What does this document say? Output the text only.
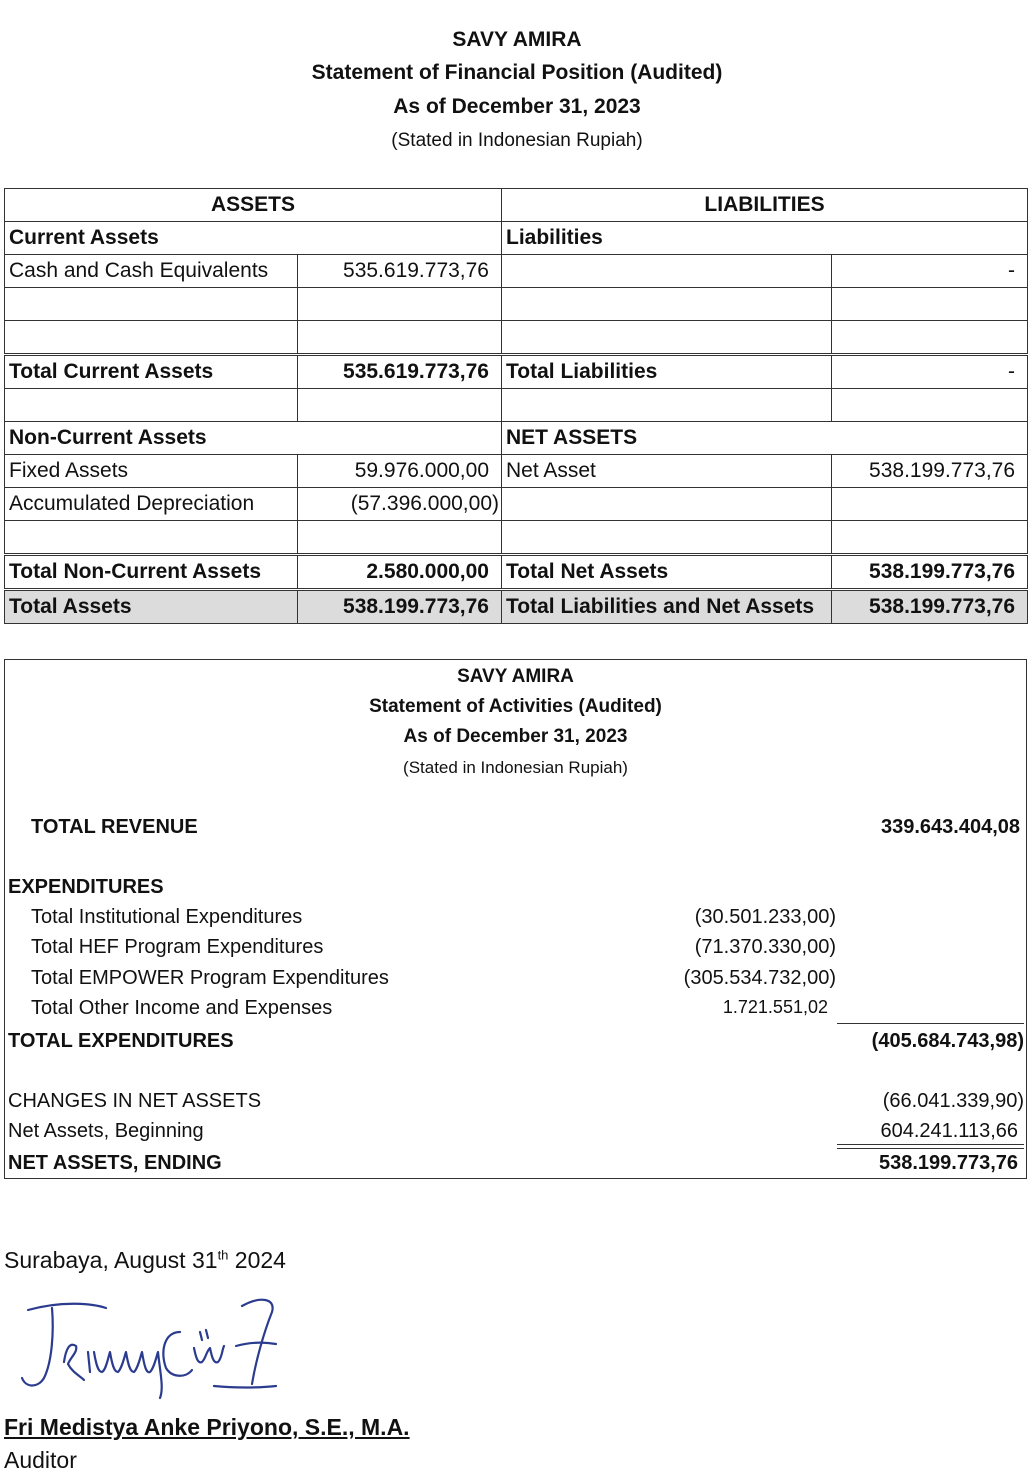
SAVY AMIRA
Statement of Financial Position (Audited)
As of December 31, 2023
(Stated in Indonesian Rupiah)
ASSETS		LIABILITIES	
Current Assets		Liabilities	
Cash and Cash Equivalents	535.619.773,76		-

Total Current Assets	535.619.773,76	Total Liabilities	-

Non-Current Assets		NET ASSETS	
Fixed Assets	59.976.000,00	Net Asset	538.199.773,76
Accumulated Depreciation	(57.396.000,00)		

Total Non-Current Assets	2.580.000,00	Total Net Assets	538.199.773,76
Total Assets	538.199.773,76	Total Liabilities and Net Assets	538.199.773,76
SAVY AMIRA
Statement of Activities (Audited)
As of December 31, 2023
(Stated in Indonesian Rupiah)
TOTAL REVENUE	339.643.404,08
EXPENDITURES
Total Institutional Expenditures	(30.501.233,00)
Total HEF Program Expenditures	(71.370.330,00)
Total EMPOWER Program Expenditures	(305.534.732,00)
Total Other Income and Expenses	1.721.551,02
TOTAL EXPENDITURES	(405.684.743,98)
CHANGES IN NET ASSETS	(66.041.339,90)
Net Assets, Beginning	604.241.113,66
NET ASSETS, ENDING	538.199.773,76
Surabaya, August 31th 2024
Fri Medistya Anke Priyono, S.E., M.A.
Auditor
